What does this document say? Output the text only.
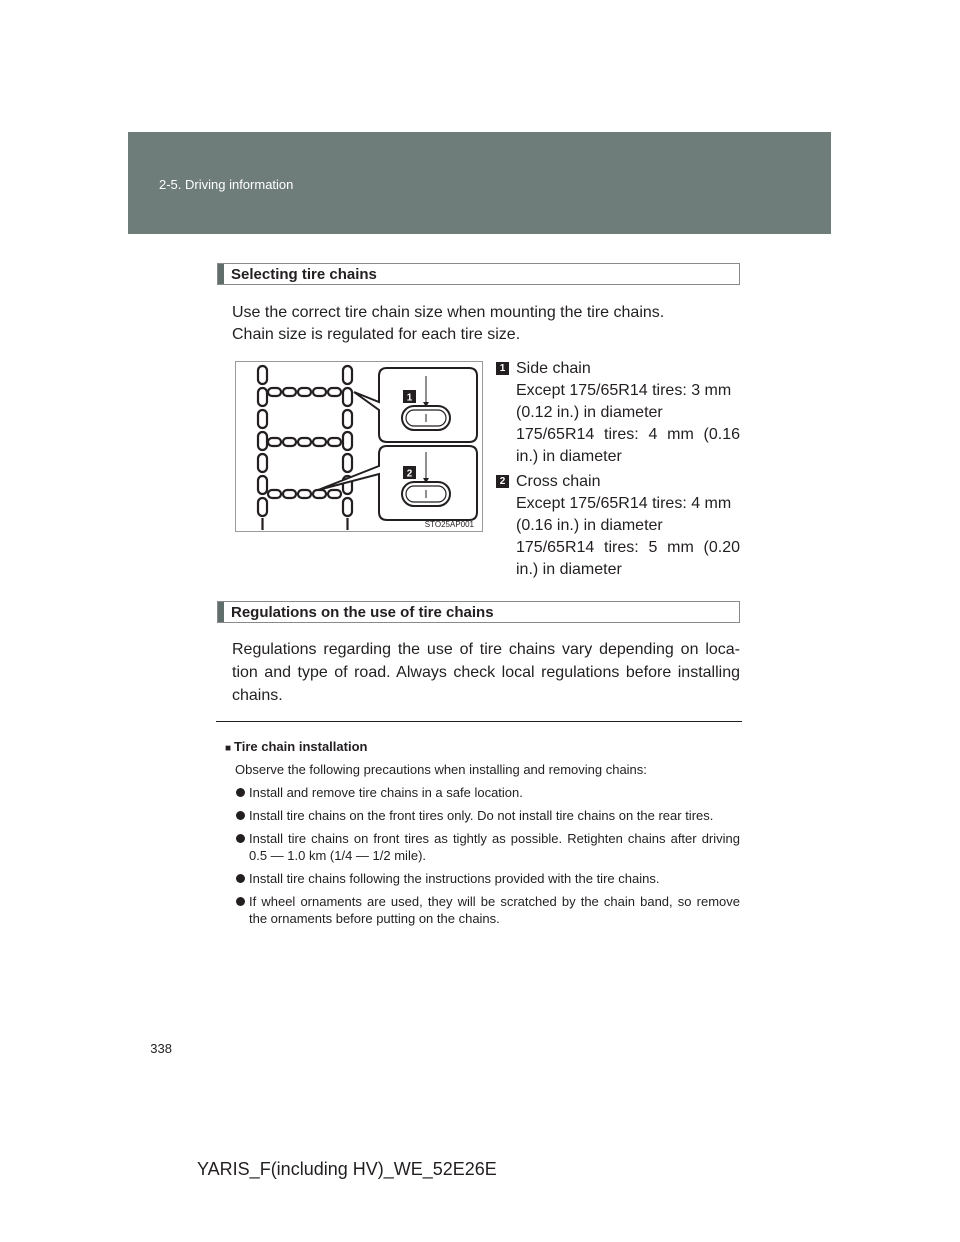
2-5. Driving information
Selecting tire chains
Use the correct tire chain size when mounting the tire chains.
Chain size is regulated for each tire size.
1
2
STO25AP001
1 Side chain
Except 175/65R14 tires: 3 mm
(0.12 in.) in diameter
175/65R14 tires: 4 mm (0.16
in.) in diameter
2 Cross chain
Except 175/65R14 tires: 4 mm
(0.16 in.) in diameter
175/65R14 tires: 5 mm (0.20
in.) in diameter
Regulations on the use of tire chains
Regulations regarding the use of tire chains vary depending on loca-tion and type of road. Always check local regulations before installing chains.
■ Tire chain installation
Observe the following precautions when installing and removing chains:
Install and remove tire chains in a safe location.
Install tire chains on the front tires only. Do not install tire chains on the rear tires.
Install tire chains on front tires as tightly as possible. Retighten chains after driving 0.5 — 1.0 km (1/4 — 1/2 mile).
Install tire chains following the instructions provided with the tire chains.
If wheel ornaments are used, they will be scratched by the chain band, so remove the ornaments before putting on the chains.
338
YARIS_F(including HV)_WE_52E26E
